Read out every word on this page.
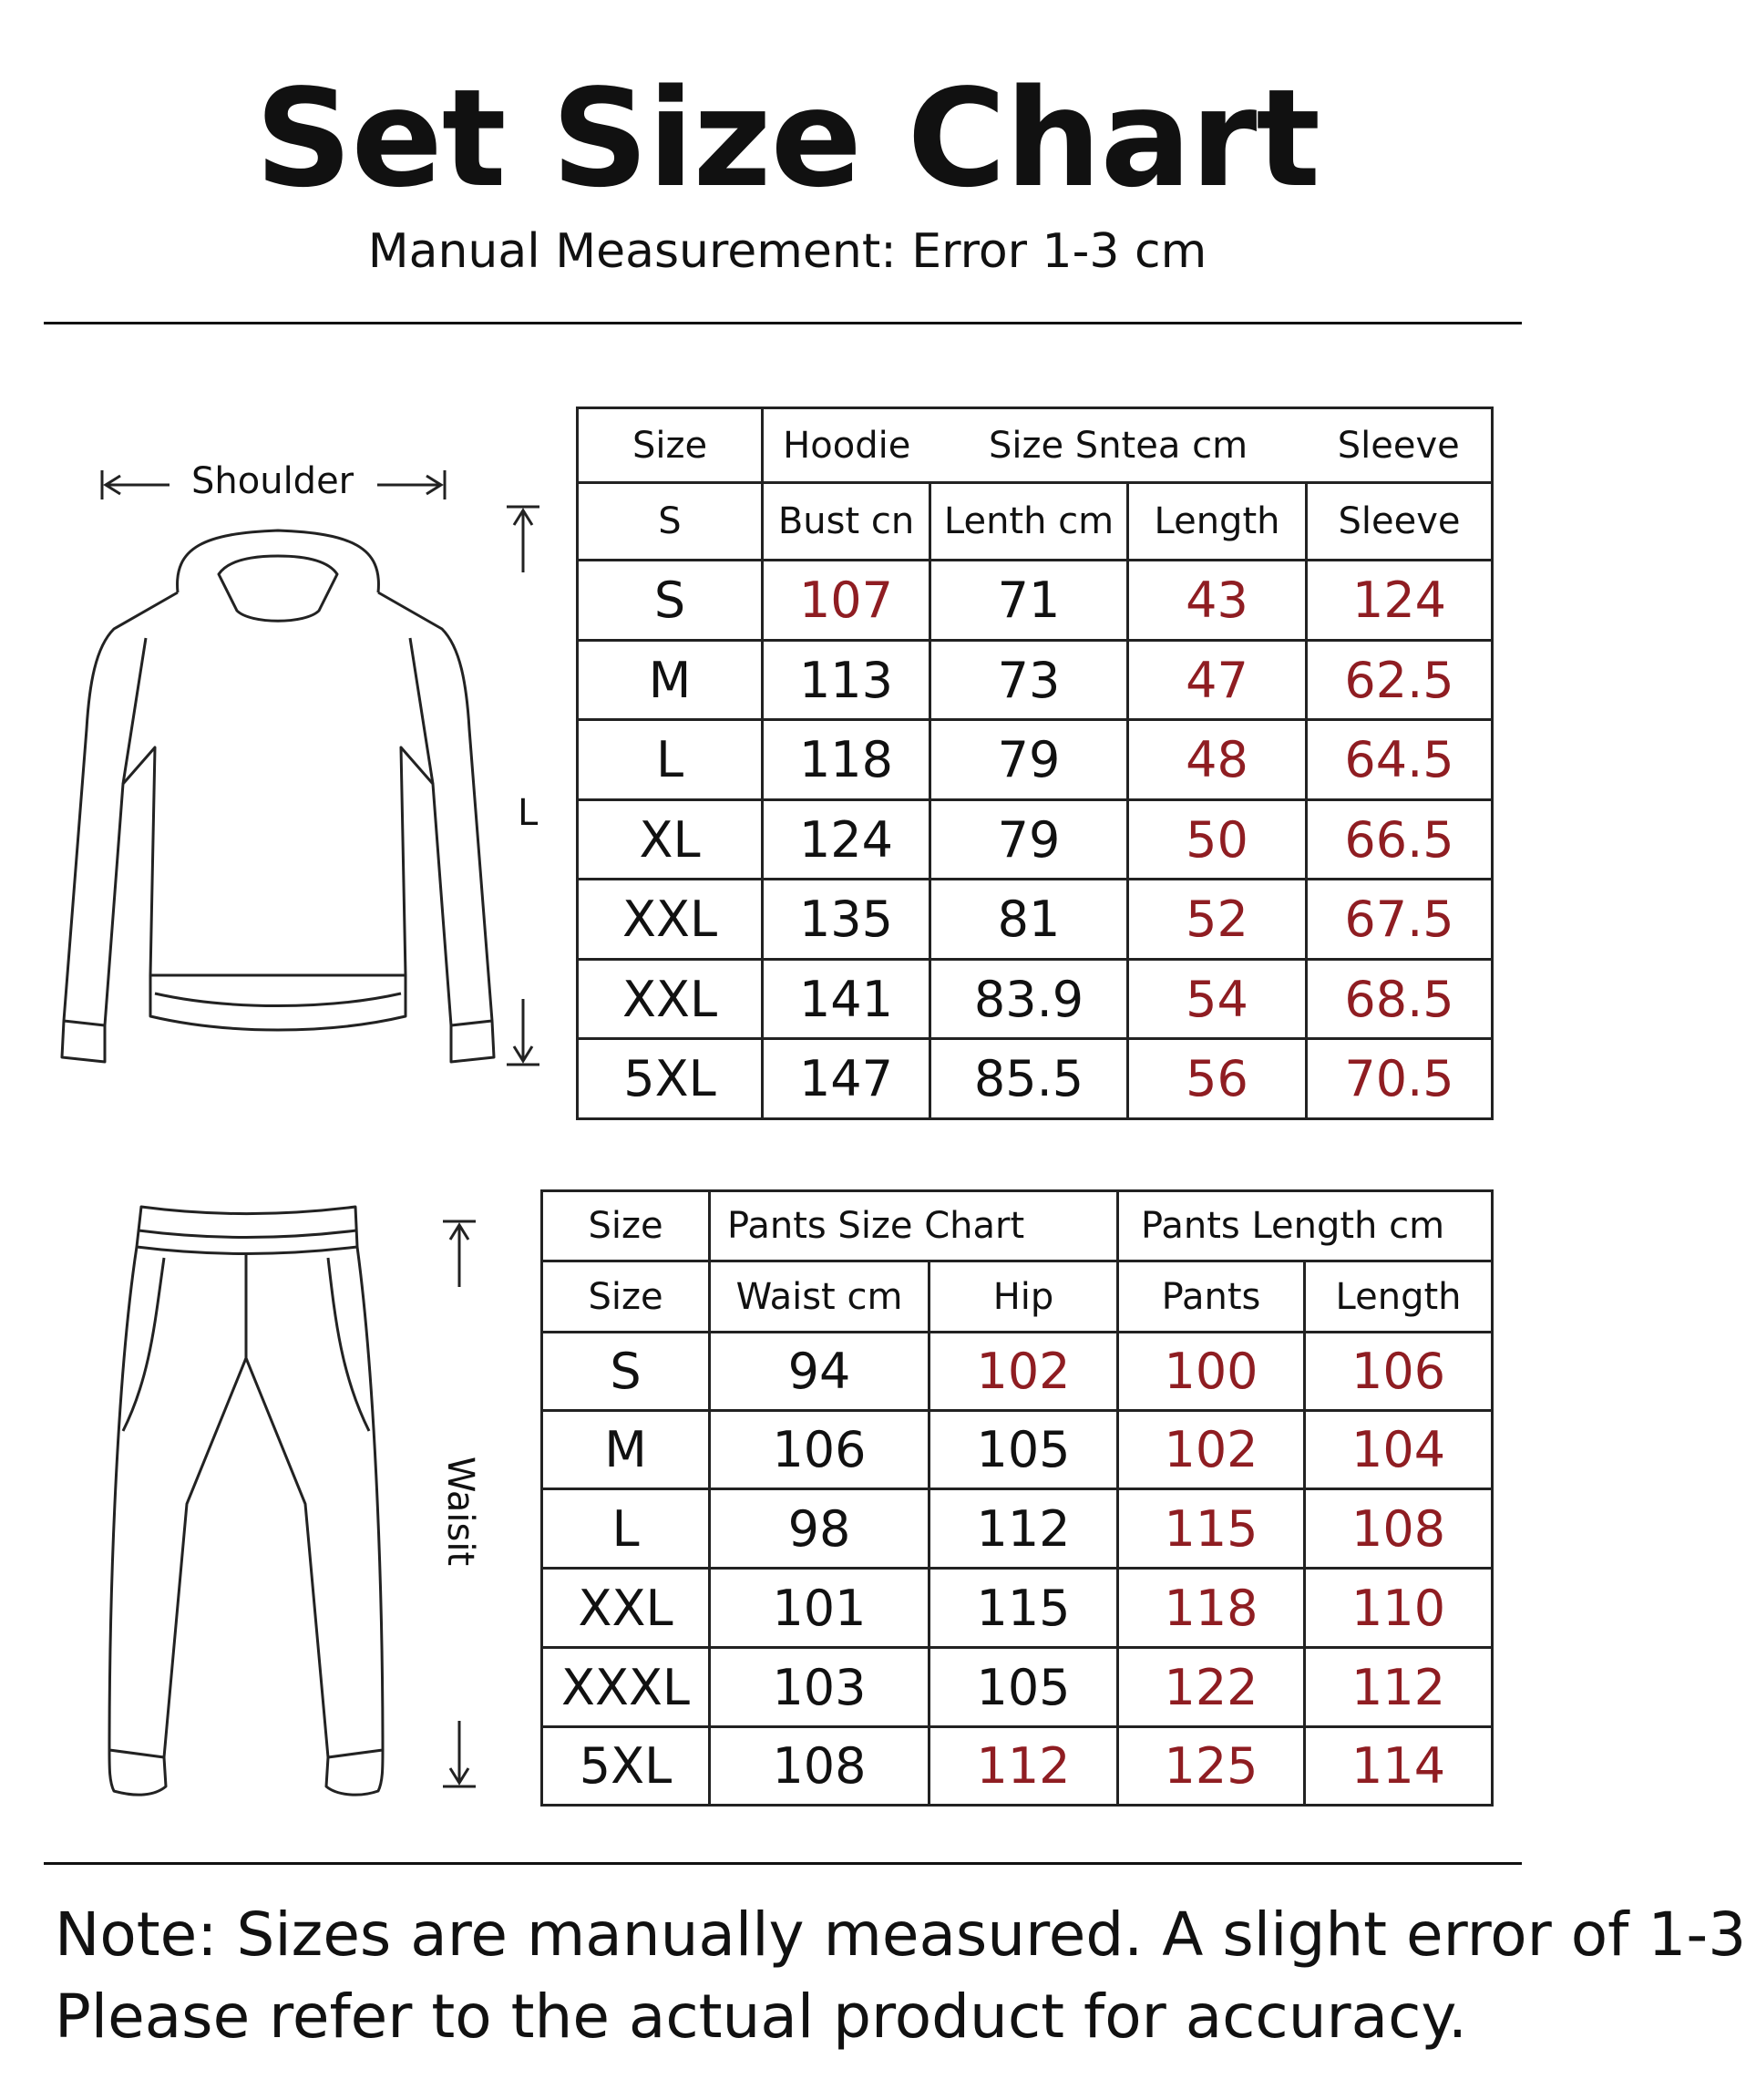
Set Size Chart
Manual Measurement: Error 1-3 cm
Shoulder
L
Size	Hoodie	Size Sntea cm		Sleeve
S	Bust cn	Lenth cm	Length	Sleeve
S	107	71	43	124
M	113	73	47	62.5
L	118	79	48	64.5
XL	124	79	50	66.5
XXL	135	81	52	67.5
XXL	141	83.9	54	68.5
5XL	147	85.5	56	70.5
Waisit
Size	Pants Size Chart		Pants Length cm	
Size	Waist cm	Hip	Pants	Length
S	94	102	100	106
M	106	105	102	104
L	98	112	115	108
XXL	101	115	118	110
XXXL	103	105	122	112
5XL	108	112	125	114
Note: Sizes are manually measured. A slight error of 1-3
Please refer to the actual product for accuracy.
